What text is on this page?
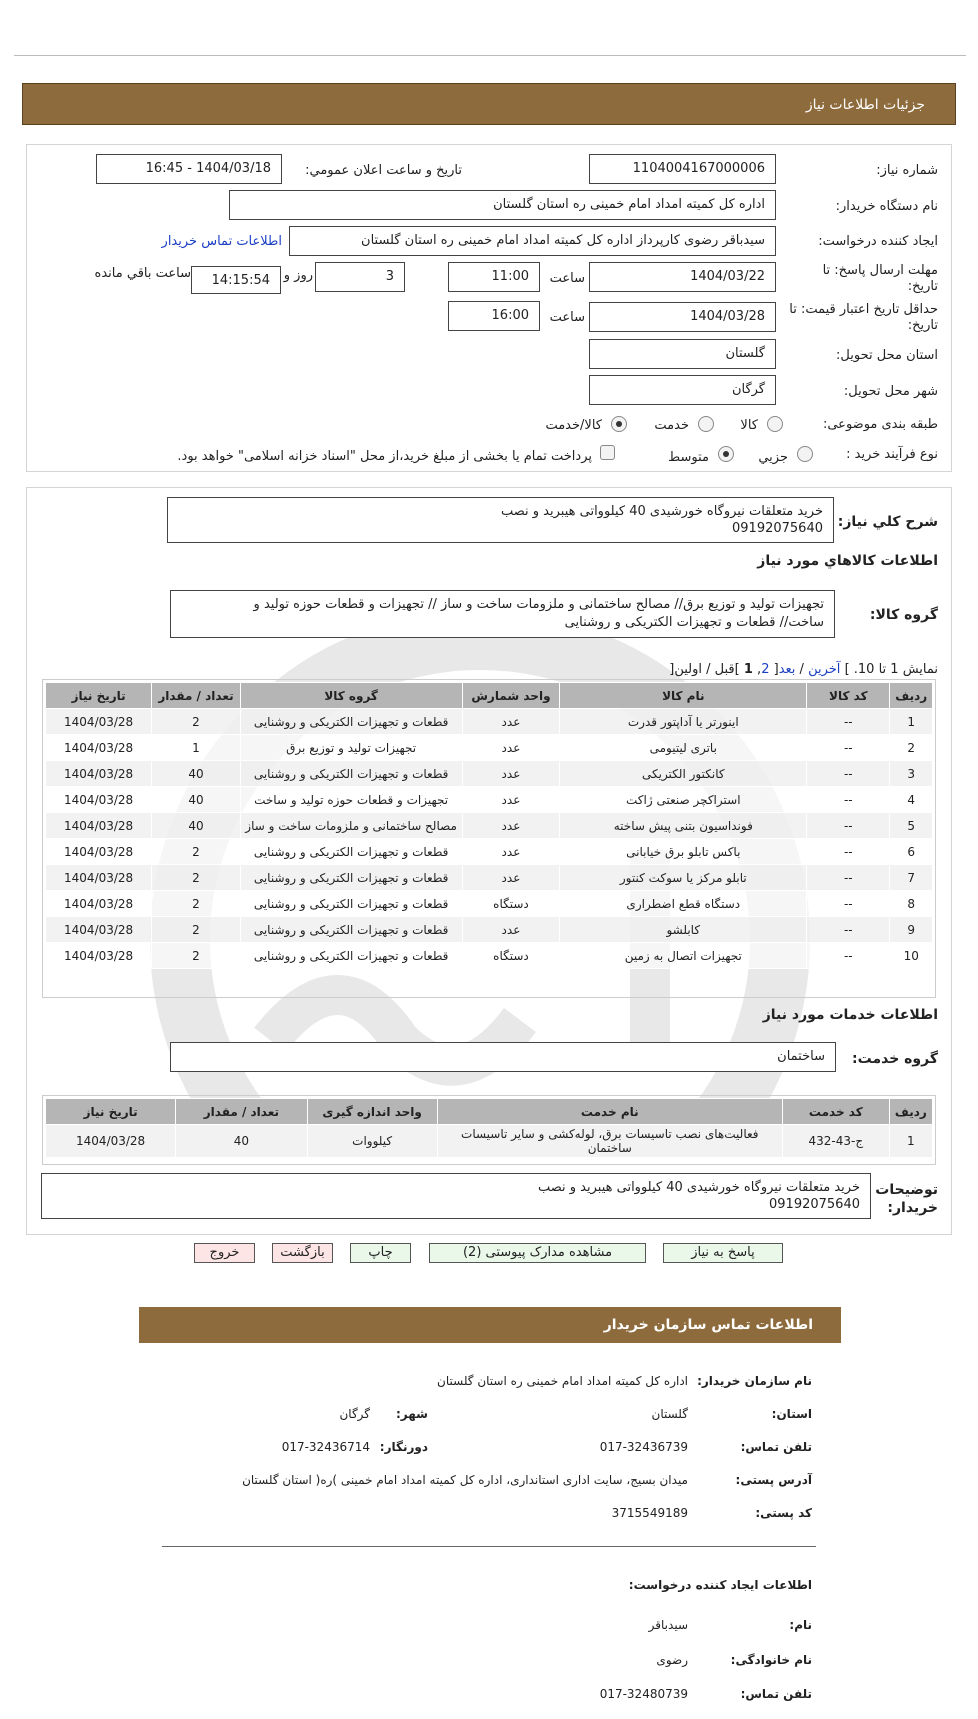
جزئيات اطلاعات نياز
شماره نياز:
1104004167000006
تاريخ و ساعت اعلان عمومي:
1404/03/18 - 16:45
نام دستگاه خريدار:
اداره کل کمیته امداد امام خمینی ره استان گلستان
ايجاد كننده درخواست:
سیدباقر رضوی کارپرداز اداره کل کمیته امداد امام خمینی ره استان گلستان
اطلاعات تماس خريدار
مهلت ارسال پاسخ: تا تاريخ:
1404/03/22
ساعت
11:00
3
روز و
14:15:54
ساعت باقي مانده
حداقل تاريخ اعتبار قيمت: تا تاريخ:
1404/03/28
ساعت
16:00
استان محل تحويل:
گلستان
شهر محل تحويل:
گرگان
طبقه بندی موضوعی:
کالا
خدمت
کالا/خدمت
نوع فرآيند خريد :
جزيي
متوسط
پرداخت تمام يا بخشی از مبلغ خريد،از محل "اسناد خزانه اسلامی" خواهد بود.
شرح كلي نياز:
خرید متعلقات نیروگاه خورشیدی 40 کیلوواتی هیبرید و نصب
09192075640
اطلاعات كالاهاي مورد نياز
گروه کالا:
تجهیزات تولید و توزیع برق// مصالح ساختمانی و ملزومات ساخت و ساز // تجهیزات و قطعات حوزه تولید و
ساخت// قطعات و تجهیزات الکتریکی و روشنایی
نمايش 1 تا 10. ] آخرين / بعد[ 2, 1 ]قبل / اولين[
رديف	کد کالا	نام کالا	واحد شمارش	گروه کالا	تعداد / مقدار	تاريخ نياز
1	--	اینورتر یا آداپتور قدرت	عدد	قطعات و تجهیزات الکتریکی و روشنایی	2	1404/03/28
2	--	باتری لیتیومی	عدد	تجهیزات تولید و توزیع برق	1	1404/03/28
3	--	کانکتور الکتریکی	عدد	قطعات و تجهیزات الکتریکی و روشنایی	40	1404/03/28
4	--	استراکچر صنعتی ژاکت	عدد	تجهیزات و قطعات حوزه تولید و ساخت	40	1404/03/28
5	--	فونداسیون بتنی پیش ساخته	عدد	مصالح ساختمانی و ملزومات ساخت و ساز	40	1404/03/28
6	--	باکس تابلو برق خیابانی	عدد	قطعات و تجهیزات الکتریکی و روشنایی	2	1404/03/28
7	--	تابلو مرکز یا سوکت کنتور	عدد	قطعات و تجهیزات الکتریکی و روشنایی	2	1404/03/28
8	--	دستگاه قطع اضطراری	دستگاه	قطعات و تجهیزات الکتریکی و روشنایی	2	1404/03/28
9	--	کابلشو	عدد	قطعات و تجهیزات الکتریکی و روشنایی	2	1404/03/28
10	--	تجهیزات اتصال به زمین	دستگاه	قطعات و تجهیزات الکتریکی و روشنایی	2	1404/03/28
اطلاعات خدمات مورد نياز
گروه خدمت:
ساختمان
رديف	كد خدمت	نام خدمت	واحد اندازه گيری	تعداد / مقدار	تاريخ نياز
1	ج-43-432	فعالیت‌های نصب تاسیسات برق، لوله‌کشی و سایر تاسیسات ساختمان	کیلووات	40	1404/03/28
توضيحات خريدار:
خرید متعلقات نیروگاه خورشیدی 40 کیلوواتی هیبرید و نصب
09192075640
پاسخ به نياز
مشاهده مدارک پیوستی (2)
چاپ
بازگشت
خروج
اطلاعات تماس سازمان خريدار
نام سازمان خريدار:
اداره کل کمیته امداد امام خمینی ره استان گلستان
استان:
گلستان
شهر:
گرگان
تلفن تماس:
017-32436739
دورنگار:
017-32436714
آدرس پستی:
میدان بسیج، سایت اداری استانداری، اداره کل کمیته امداد امام خمینی )ره( استان گلستان
کد پستی:
3715549189
اطلاعات ایجاد کننده درخواست:
نام:
سیدباقر
نام خانوادگی:
رضوی
تلفن تماس:
017-32480739
